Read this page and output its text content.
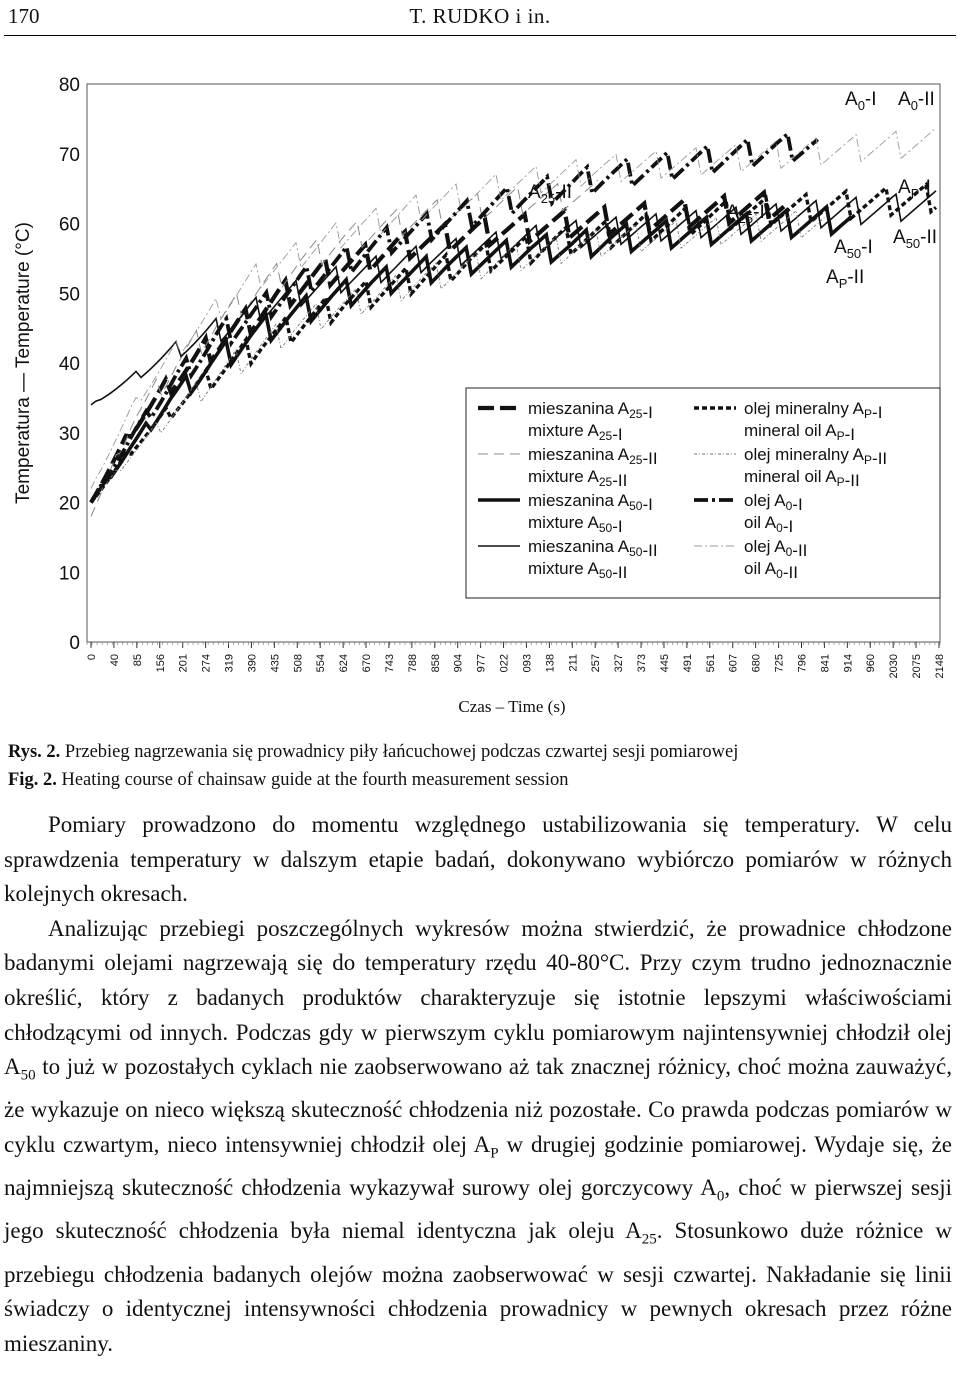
170	T. RUDKO i in.
0
10
20
30
40
50
60
70
80
0 40 85 156 201 274 319 390 435 508 554 624 670 743 788 858 904 977 022 093 138 211 257 327 373 445 491 561 607 680 725 796 841 914 960 2030 2075 2148
Temperatura — Temperature (°C)
Czas – Time (s)
$A_0-I$ $A_0-II$
$A_P-I$
$A_{50}-II$
$A_{25}-II$
$A_{25}-I$
$A_{50}-I$
$A_P-II$
mieszanina $A_{25}-I$
mixture $A_{25}-I$
mieszanina $A_{25}-II$
mixture $A_{25}-II$
mieszanina $A_{50}-I$
mixture $A_{50}-I$
mieszanina $A_{50}-II$
mixture $A_{50}-II$
olej mineralny $A_P-I$
mineral oil $A_P-I$
olej mineralny $A_P-II$
mineral oil $A_P-II$
olej $A_0-I$
oil $A_0-I$
olej $A_0-II$
oil $A_0-II$
Rys. 2. Przebieg nagrzewania się prowadnicy piły łańcuchowej podczas czwartej sesji pomiarowej
Fig. 2. Heating course of chainsaw guide at the fourth measurement session

Pomiary prowadzono do momentu względnego ustabilizowania się temperatury. W celu sprawdzenia temperatury w dalszym etapie badań, dokonywano wybiórczo pomiarów w różnych kolejnych okresach.

Analizując przebiegi poszczególnych wykresów można stwierdzić, że prowadnice chłodzone badanymi olejami nagrzewają się do temperatury rzędu 40-80°C. Przy czym trudno jednoznacznie określić, który z badanych produktów charakteryzuje się istotnie lepszymi właściwościami chłodzącymi od innych. Podczas gdy w pierwszym cyklu pomiarowym najintensywniej chłodził olej $A_{50}$ to już w pozostałych cyklach nie zaobserwowano aż tak znacznej różnicy, choć można zauważyć, że wykazuje on nieco większą skuteczność chłodzenia niż pozostałe. Co prawda podczas pomiarów w cyklu czwartym, nieco intensywniej chłodził olej $A_P$ w drugiej godzinie pomiarowej. Wydaje się, że najmniejszą skuteczność chłodzenia wykazywał surowy olej gorczycowy $A_0$, choć w pierwszej sesji jego skuteczność chłodzenia była niemal identyczna jak oleju $A_{25}$. Stosunkowo duże różnice w przebiegu chłodzenia badanych olejów można zaobserwować w sesji czwartej. Nakładanie się linii świadczy o identycznej intensywności chłodzenia prowadnicy w pewnych okresach przez różne mieszaniny.
